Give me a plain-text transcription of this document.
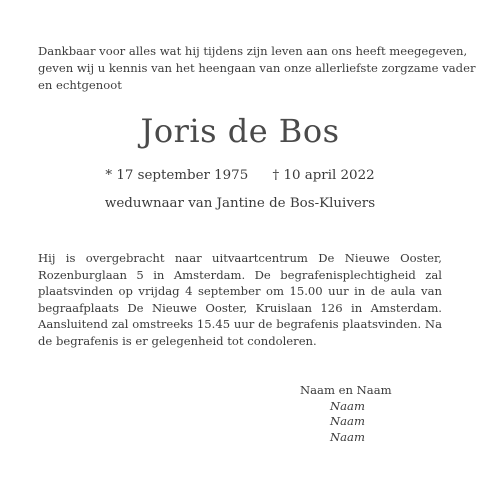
Dankbaar voor alles wat hij tijdens zijn leven aan ons heeft meegegeven,
geven wij u kennis van het heengaan van onze allerliefste zorgzame vader
en echtgenoot
Joris de Bos
* 17 september 1975 † 10 april 2022
weduwnaar van Jantine de Bos-Kluivers
Hij is overgebracht naar uitvaartcentrum De Nieuwe Ooster, Rozenburglaan 5 in Amsterdam. De begrafenisplechtigheid zal plaatsvinden op vrijdag 4 september om 15.00 uur in de aula van begraafplaats De Nieuwe Ooster, Kruislaan 126 in Amsterdam. Aansluitend zal omstreeks 15.45 uur de begrafenis plaatsvinden. Na de begrafenis is er gelegenheid tot condoleren.
Naam en Naam
Naam
Naam
Naam
